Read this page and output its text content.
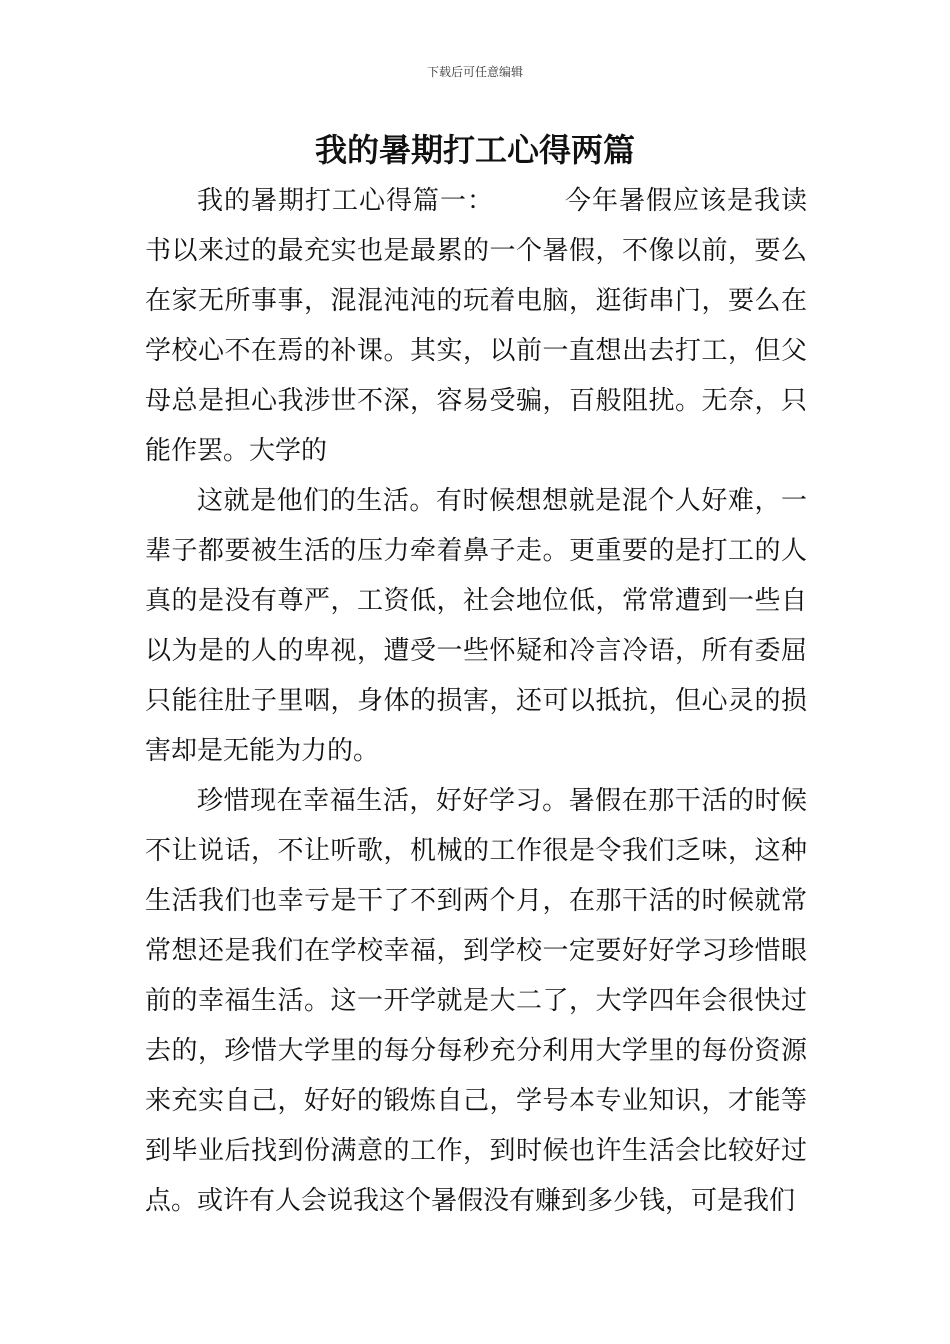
下载后可任意编辑
我的暑期打工心得两篇

我的暑期打工心得篇一：	今年暑假应该是我读书以来过的最充实也是最累的一个暑假，不像以前，要么在家无所事事，混混沌沌的玩着电脑，逛街串门，要么在学校心不在焉的补课。其实，以前一直想出去打工，但父母总是担心我涉世不深，容易受骗，百般阻扰。无奈，只能作罢。大学的

这就是他们的生活。有时候想想就是混个人好难，一辈子都要被生活的压力牵着鼻子走。更重要的是打工的人真的是没有尊严，工资低，社会地位低，常常遭到一些自以为是的人的卑视，遭受一些怀疑和冷言冷语，所有委屈只能往肚子里咽，身体的损害，还可以抵抗，但心灵的损害却是无能为力的。

珍惜现在幸福生活，好好学习。暑假在那干活的时候不让说话，不让听歌，机械的工作很是令我们乏味，这种生活我们也幸亏是干了不到两个月，在那干活的时候就常常想还是我们在学校幸福，到学校一定要好好学习珍惜眼前的幸福生活。这一开学就是大二了，大学四年会很快过去的，珍惜大学里的每分每秒充分利用大学里的每份资源来充实自己，好好的锻炼自己，学号本专业知识，才能等到毕业后找到份满意的工作，到时候也许生活会比较好过点。或许有人会说我这个暑假没有赚到多少钱，可是我们
